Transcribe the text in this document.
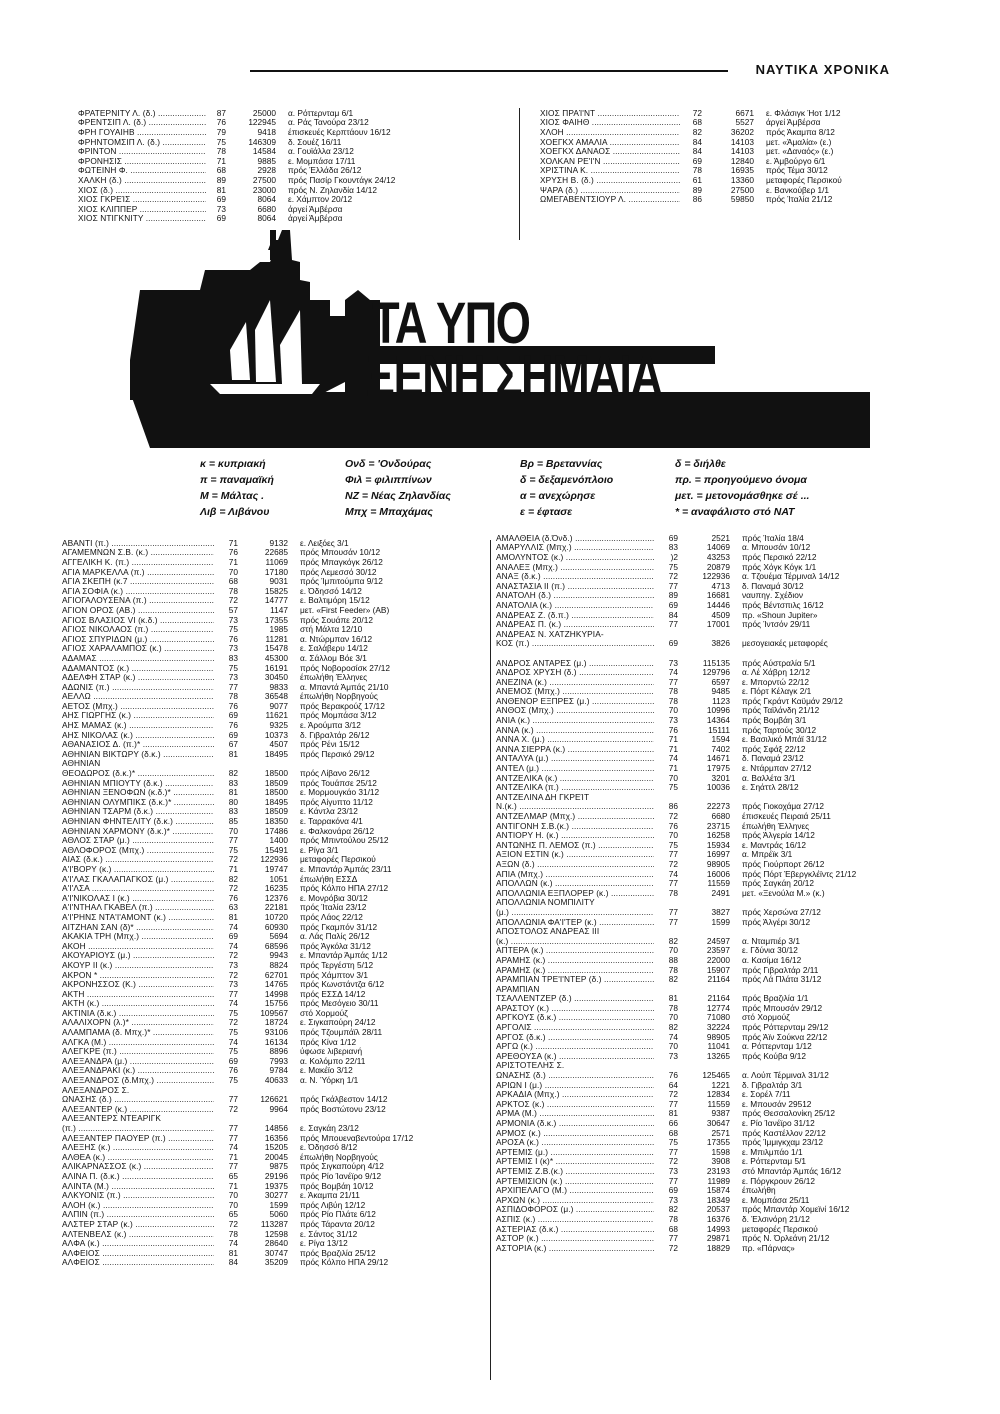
ΝΑΥΤΙΚΑ ΧΡΟΝΙΚΑ
ΦΡΑΤΕΡΝΙΤΥ Λ. (δ.) .....	87	25000	α. Ρόττερνταμ 6/1
ΦΡΕΝΤΣΙΠ Λ. (δ.) .....	76	122945	α. Ράς Τανούρα 23/12
ΦΡΗ ΓΟΥΑΙΗΒ .....	79	9418	έπισκευές Κερπτάουν 16/12
ΦΡΗΝΤΟΜΣΙΠ Λ. (δ.) .....	75	146309	δ. Σουέζ 16/11
ΦΡΙΝΤΟΝ .....	78	14584	α. Γουϊάλλα 23/12
ΦΡΟΝΗΣΙΣ .....	71	9885	ε. Μομπάσα 17/11
ΦΩΤΕΙΝΗ Φ. .....	68	2928	πρός Έλλάδα 26/12
ΧΑΛΚΗ (δ.) .....	89	27500	πρός Πασίρ Γκουντάγκ 24/12
ΧΙΟΣ (δ.) .....	81	23000	πρός Ν. Ζηλανδία 14/12
ΧΙΟΣ ΓΚΡΕΊΣ .....	69	8064	ε. Χάμπτον 20/12
ΧΙΟΣ ΚΛΙΠΠΕΡ .....	73	6680	άργεί Άμβέρσα
ΧΙΟΣ ΝΤΙΓΚΝΙΤΥ .....	69	8064	άργεί Άμβέρσα
ΧΙΟΣ ΠΡΑΊ'ΝΤ .....	72	6671	ε. Φλάσιγκ Ήοτ 1/12
ΧΙΟΣ ΦΑΙΗΘ .....	68	5527	άργεί Άμβέρσα
ΧΛΟΗ .....	82	36202	πρός Άκαμπα 8/12
ΧΟΕΓΚΧ ΑΜΑΛΙΑ .....	84	14103	μετ. «Άμαλία» (ε.)
ΧΟΕΓΚΧ ΔΑΝΑΟΣ .....	84	14103	μετ. «Δαναός» (ε.)
ΧΟΛΚΑΝ ΡΕ'Ι'Ν .....	69	12840	ε. Άμβούργο 6/1
ΧΡΙΣΤΙΝΑ Κ. .....	78	16935	πρός Τέμα 30/12
ΧΡΥΣΗ Β. (δ.) .....	61	13360	μεταφορές Περσικού
ΨΑΡΑ (δ.) .....	89	27500	ε. Βανκούβερ 1/1
ΩΜΕΓΑΒΕΝΤΣΙΟΥΡ Λ. .....	86	59850	πρός Ίταλία 21/12
ΤΑ ΥΠΟ
ΞΕΝΗ ΣΗΜΑΙΑ
κ = κυπριακή
π = παναμαϊκή
Μ = Μάλτας .
Λιβ = Λιβάνου
Ονδ = 'Ονδούρας
Φιλ = φιλιππίνων
ΝΖ = Νέας Ζηλανδίας
Μπχ = Μπαχάμας
Βρ = Βρεταννίας
δ = δεξαμενόπλοιο
α = ανεχώρησε
ε = έφτασε
δ = διήλθε
πρ. = προηγούμενο όνομα
μετ. = μετονομάσθηκε σέ ...
* = αναφάλιστο στό ΝΑΤ
ΑΒΑΝΤΙ (π.) .....	71	9132	ε. Λειξόες 3/1
ΑΓΑΜΕΜΝΩΝ Σ.Β. (κ.) .....	76	22685	πρός Μπουσάν 10/12
ΑΓΓΕΛΙΚΗ Κ. (π.) .....	71	11069	πρός Μπαγκόγκ 26/12
ΑΓΙΑ ΜΑΡΚΕΛΛΑ (π.) .....	70	17180	πρός Λεμεσσό 30/12
ΑΓΙΑ ΣΚΕΠΗ (κ.7 .....	68	9031	πρός Ίμπιτούμπα 9/12
ΑΓΙΑ ΣΟΦΙΑ (κ.) .....	78	15825	ε. Όδησσό 14/12
ΑΓΙΟΓΑΛΟΥΣΕΝΑ (π.) .....	72	14777	ε. Βαλτιμόρη 15/12
ΑΓΙΟΝ ΟΡΟΣ (ΑΒ.) .....	57	1147	μετ. «First Feeder» (ΑΒ)
ΑΓΙΟΣ ΒΛΑΣΙΟΣ VI (κ.δ.) .....	73	17355	πρός Σουάπε 20/12
ΑΓΙΟΣ ΝΙΚΟΛΑΟΣ (π.) .....	75	1985	στή Μάλτα 12/10
ΑΓΙΟΣ ΣΠΥΡΙΔΩΝ (μ.) .....	76	11281	α. Ντώρμπαν 16/12
ΑΓΙΟΣ ΧΑΡΑΛΑΜΠΟΣ (κ.) .....	73	15478	ε. Σαλάβερυ 14/12
ΑΔΑΜΑΣ .....	83	45300	α. Σάλλομ Βόε 3/1
ΑΔΑΜΑΝΤΟΣ (κ.) .....	75	16191	πρός Νοβοροσίσκ 27/12
ΑΔΕΛΦΗ ΣΤΑΡ (κ.) .....	73	30450	έπωλήθη Έλληνες
ΑΔΩΝΙΣ (π.) .....	77	9833	α. Μπαντά Άμπάς 21/10
ΑΕΛΛΩ .....	78	36548	έπωλήθη Νορβηγούς
ΑΕΤΟΣ (Μπχ.) .....	76	9077	πρός Βερακρούζ 17/12
ΑΗΣ ΓΙΩΡΓΗΣ (κ.) .....	69	11621	πρός Μομπάσα 3/12
ΑΗΣ ΜΑΜΑΣ (κ.) .....	76	9325	ε. Άρούμπα 3/12
ΑΗΣ ΝΙΚΟΛΑΣ (κ.) .....	69	10373	δ. Γιβραλτάρ 26/12
ΑΘΑΝΑΣΙΟΣ Δ. (π.)* .....	67	4507	πρός Ρένι 15/12
ΑΘΗΝΙΑΝ ΒΙΚΤΩΡΥ (δ.κ.) .....	81	18495	πρός Περσικό 29/12
ΑΘΗΝΙΑΝ
ΘΕΟΔΩΡΟΣ (δ.κ.)* .....	82	18500	πρός Λίβανο 26/12
ΑΘΗΝΙΑΝ ΜΠΙΟΥΤΥ (δ.κ.) .....	83	18509	πρός Τουάπσε 25/12
ΑΘΗΝΙΑΝ ΞΕΝΟΦΩΝ (κ.δ.)* .....	81	18500	ε. Μορμουγκάο 31/12
ΑΘΗΝΙΑΝ ΟΛΥΜΠΙΚΣ (δ.κ.)* .....	80	18495	πρός Αίγυπτο 11/12
ΑΘΗΝΙΑΝ ΤΣΑΡΜ (δ.κ.) .....	83	18509	ε. Κάντλα 23/12
ΑΘΗΝΙΑΝ ΦΗΝΤΕΛΙΤΥ (δ.κ.) .....	85	18350	ε. Ταρρακόνα 4/1
ΑΘΗΝΙΑΝ ΧΑΡΜΟΝΥ (δ.κ.)* .....	70	17486	ε. Φαλκονάρα 26/12
ΑΘΛΟΣ ΣΤΑΡ (μ.) .....	77	1400	πρός Μπιντούλου 25/12
ΑΘΛΟΦΟΡΟΣ (Μπχ.) .....	75	15491	ε. Ρίγα 3/1
ΑΙΑΣ (δ.κ.) .....	72	122936	μεταφορές Περσικού
Α'Ι'ΒΟΡΥ (κ.) .....	71	19747	ε. Μπαντάρ Άμπάς 23/11
Α'Ι'ΛΑΣ ΓΚΑΛΑΠΑΓΚΟΣ (μ.) .....	82	1051	έπωλήθη ΕΣΣΔ
Α'Ι'ΛΣΑ .....	72	16235	πρός Κόλπο ΗΠΑ 27/12
Α'Ι'ΝΙΚΟΛΑΣ Ι (κ.) .....	76	12376	ε. Μονρόβια 30/12
Α'Ι'ΝΤΗΑΛ ΓΚΑΒΕΛ (π.) .....	63	22181	πρός Ίταλία 23/12
Α'Ι'ΡΗΝΣ ΝΤΑ'Ι'ΑΜΟΝΤ (κ.) .....	81	10720	πρός Λάος 22/12
ΑΙΤΖΗΑΝ ΣΑΝ (δ)* .....	74	60930	πρός Γκαμπόν 31/12
ΑΚΑΚΙΑ ΤΡΗ (Μπχ.) .....	69	5694	α. Λάς Παλίς 26/12
ΑΚΟΗ .....	74	68596	πρός Άγκόλα 31/12
ΑΚΟΥΑΡΙΟΥΣ (μ.) .....	72	9943	ε. Μπαντάρ Άμπάς 1/12
ΑΚΟΥΡ ΙΙ (κ.) .....	73	8824	πρός Τεργέστη 5/12
ΑΚΡΟΝ * .....	72	62701	πρός Χάμπτον 3/1
ΑΚΡΟΝΗΣΣΟΣ (Κ.) .....	73	14765	πρός Κωνστάντζα 6/12
ΑΚΤΗ .....	77	14998	πρός ΕΣΣΔ 14/12
ΑΚΤΗ (κ.) .....	74	15756	πρός Μεσόγειο 30/11
ΑΚΤΙΝΙΑ (δ.κ.) .....	75	109567	στό Χορμούζ
ΑΛΑΛΙΧΟΡΝ (λ.)* .....	72	18724	ε. Σιγκαπούρη 24/12
ΑΛΑΜΠΑΜΑ (δ. Μπχ.)* .....	75	93106	πρός Τζουμπάϊλ 28/11
ΑΛΓΚΑ (Μ.) .....	74	16134	πρός Κίνα 1/12
ΑΛΕΓΚΡΕ (π.) .....	75	8896	ύφωσε λιβεριανή
ΑΛΕΞΑΝΔΡΑ (μ.) .....	69	7993	α. Κολόμπο 22/11
ΑΛΕΞΑΝΔΡΑΚΙ (κ.) .....	76	9784	ε. Μακέϊο 3/12
ΑΛΕΞΑΝΔΡΟΣ (δ.Μπχ.) .....	75	40633	α. Ν. Ύόρκη 1/1
ΑΛΕΞΑΝΔΡΟΣ Σ.
ΩΝΑΣΗΣ (δ.) .....	77	126621	πρός Γκάλβεστον 14/12
ΑΛΕΞΑΝΤΕΡ (κ.) .....	72	9964	πρός Βοστώτονυ 23/12
ΑΛΕΞΑΝΤΕΡΣ ΝΤΕΑΡΙΓΚ
(π.) .....	77	14856	ε. Σαγκάη 23/12
ΑΛΕΞΑΝΤΕΡ ΠΑΟΥΕΡ (π.) .....	77	16356	πρός Μπουεναβεντούρα 17/12
ΑΛΕΞΗΣ (κ.) .....	74	15205	ε. Όδησσό 8/12
ΑΛΘΕΑ (κ.) .....	71	20045	έπωλήθη Νορβηγούς
ΑΛΙΚΑΡΝΑΣΣΟΣ (κ.) .....	77	9875	πρός Σιγκαπούρη 4/12
ΑΛΙΝΑ Π. (δ.κ.) .....	65	29196	πρός Ρίο Ίανέϊρο 9/12
ΑΛΙΝΤΑ (Μ.) .....	71	19375	πρός Βομβάη 10/12
ΑΛΚΥΟΝΙΣ (π.) .....	70	30277	ε. Άκαμπα 21/11
ΑΛΟΗ (κ.) .....	70	1599	πρός Λιβύη 12/12
ΑΛΠΙΝ (π.) .....	65	5060	πρός Ρίο Πλάτε 6/12
ΑΛΣΤΕΡ ΣΤΑΡ (κ.) .....	72	113287	πρός Τάραντα 20/12
ΑΛΤΕΝΒΕΛΣ (κ.) .....	78	12598	ε. Σάντος 31/12
ΑΛΦΑ (κ.) .....	74	28640	ε. Ρίγα 13/12
ΑΛΦΕΙΟΣ .....	81	30747	πρός Βραζιλία 25/12
ΑΛΦΕΙΟΣ .....	84	35209	πρός Κόλπο ΗΠΑ 29/12
ΑΜΑΛΘΕΙΑ (δ.Όνδ.) .....	69	2521	πρός Ίταλία 18/4
ΑΜΑΡΥΛΛΙΣ (Μπχ.) .....	83	14069	α. Μπουσάν 10/12
ΑΜΟΛΥΝΤΟΣ (κ.) .....	)2	43253	πρός Περσικό 22/12
ΑΝΑΛΕΞ (Μπχ.) .....	75	20879	πρός Χόγκ Κόγκ 1/1
ΑΝΑΞ (δ.κ.) .....	72	122936	α. Τζουέμα Τέρμιναλ 14/12
ΑΝΑΣΤΑΣΙΑ ΙΙ (π.) .....	77	4713	δ. Παναμά 30/12
ΑΝΑΤΟΛΗ (δ.) .....	89	16681	ναυπηγ. Σχέδιον
ΑΝΑΤΟΛΙΑ (κ.) .....	69	14446	πρός Βέντσπιλς 16/12
ΑΝΔΡΕΑΣ Ζ. (δ.π.) .....	84	4509	πρ. «Shoun Jupiter»
ΑΝΔΡΕΑΣ Π. (κ.) .....	77	17001	πρός Ίντσόν 29/11
ΑΝΔΡΕΑΣ Ν. ΧΑΤΖΗΚΥΡΙΑ-
ΚΟΣ (π.) .....	69	3826	μεσογειακές μεταφορές
ΑΝΔΡΟΣ ΑΝΤΑΡΕΣ (μ.) .....	73	115135	πρός Αύστραλία 5/1
ΑΝΔΡΟΣ ΧΡΥΣΗ (δ.) .....	74	129796	α. Λέ Χάβρη 12/12
ΑΝΕΖΙΝΑ (κ.) .....	77	6597	ε. Μπορντώ 22/12
ΑΝΕΜΟΣ (Μπχ.) .....	78	9485	ε. Πόρτ Κέλαγκ 2/1
ΑΝΘΕΝΟΡ ΕΞΠΡΕΣ (μ.) .....	78	1123	πρός Γκράντ Καϋμάν 29/12
ΑΝΘΟΣ (Μπχ.) .....	70	10996	πρός Ταϊλάνδη 21/12
ΑΝΙΑ (κ.) .....	73	14364	πρός Βομβάη 3/1
ΑΝΝΑ (κ.) .....	76	15111	πρός Ταρτούς 30/12
ΑΝΝΑ Χ. (μ.) .....	71	1594	ε. Βασιλικό Μπάϊ 31/12
ΑΝΝΑ ΣΙΕΡΡΑ (κ.) .....	71	7402	πρός Σφάξ 22/12
ΑΝΤΑΛΥΑ (μ.) .....	74	14671	δ. Παναμά 23/12
ΑΝΤΕΛ (μ.) .....	71	17975	ε. Ντάρμπαν 27/12
ΑΝΤΖΕΛΙΚΑ (κ.) .....	70	3201	α. Βαλλέτα 3/1
ΑΝΤΖΕΛΙΚΑ (π.) .....	75	10036	ε. Σηάττλ 28/12
ΑΝΤΖΕΛΙΝΑ ΔΗ ΓΚΡΕΊΤ
Ν.(κ.) .....	86	22273	πρός Γιοκοχάμα 27/12
ΑΝΤΖΕΛΜΑΡ (Μπχ.) .....	72	6680	έπισκευές Πειραιά 25/11
ΑΝΤΙΓΟΝΗ Σ.Β.(κ.) .....	76	23715	έπωλήθη Έλληνες
ΑΝΤΙΟΡΥ Η. (κ.) .....	70	16258	πρός Άλγερία 14/12
ΑΝΤΩΝΗΣ Π. ΛΕΜΟΣ (π.) .....	75	15934	ε. Μαντράς 16/12
ΑΞΙΟΝ ΕΣΤΙΝ (κ.) .....	77	16997	α. Μπρέϊκ 3/1
ΑΞΩΝ (δ.) .....	72	98905	πρός Γιούρπορτ 26/12
ΑΠΙΑ (Μπχ.) .....	74	16006	πρός Πόρτ Έβεργκλέϊντς 21/12
ΑΠΟΛΛΩΝ (κ.) .....	77	11559	πρός Σαγκάη 20/12
ΑΠΟΛΛΩΝΙΑ ΕΞΠΛΟΡΕΡ (κ.) .....	78	2491	μετ. «Ξενούλα Μ.» (κ.)
ΑΠΟΛΛΩΝΙΑ ΝΟΜΠΙΛΙΤΥ
(μ.) .....	77	3827	πρός Χερσώνα 27/12
ΑΠΟΛΛΩΝΙΑ ΦΑ'Ι'ΤΕΡ (κ.) .....	77	1599	πρός Άλγέρι 30/12
ΑΠΟΣΤΟΛΟΣ ΑΝΔΡΕΑΣ ΙΙΙ
(κ.) .....	82	24597	α. Νταμπιέρ 3/1
ΑΠΤΕΡΑ (κ.) .....	70	23597	ε. Γδύνια 30/12
ΑΡΑΜΗΣ (κ.) .....	88	22000	α. Κασίμα 16/12
ΑΡΑΜΗΣ (κ.) .....	78	15907	πρός Γιβραλτάρ 2/11
ΑΡΑΜΠΙΑΝ ΤΡΕ'Ι'ΝΤΕΡ (δ.) .....	82	21164	πρός Λά Πλάτα 31/12
ΑΡΑΜΠΙΑΝ
ΤΣΑΛΛΕΝΤΖΕΡ (δ.) .....	81	21164	πρός Βραζιλία 1/1
ΑΡΑΣΤΟΥ (κ.) .....	78	12774	πρός Μπουσάν 29/12
ΑΡΓΚΟΥΣ (δ.κ.) .....	70	71080	στό Χορμούζ
ΑΡΓΟΛΙΣ .....	82	32224	πρός Ρόττερνταμ 29/12
ΑΡΓΟΣ (δ.κ.) .....	74	98905	πρός Άϊν Σούκνα 22/12
ΑΡΓΩ (κ.) .....	70	11041	α. Ρόττερνταμ 1/12
ΑΡΕΘΟΥΣΑ (κ.) .....	73	13265	πρός Κούβα 9/12
ΑΡΙΣΤΟΤΕΛΗΣ Σ.
ΩΝΑΣΗΣ (δ.) .....	76	125465	α. Λούπ Τέρμιναλ 31/12
ΑΡΙΩΝ Ι (μ.) .....	64	1221	δ. Γιβραλτάρ 3/1
ΑΡΚΑΔΙΑ (Μπχ.) .....	72	12834	ε. Σορέλ 7/11
ΑΡΚΤΟΣ (κ.) .....	77	11559	ε. Μπουσάν 29512
ΑΡΜΑ (Μ.) .....	81	9387	πρός Θεσσαλονίκη 25/12
ΑΡΜΟΝΙΑ (δ.κ.) .....	66	30647	ε. Ρίο Ίανέϊρο 31/12
ΑΡΜΟΣ (κ.) .....	68	2571	πρός Καστέλλον 22/12
ΑΡΟΣΑ (κ.) .....	75	17355	πρός Ίμμιγκχαμ 23/12
ΑΡΤΕΜΙΣ (μ.) .....	77	1598	ε. Μπιλμπάο 1/1
ΑΡΤΕΜΙΣ Ι (κ)* .....	72	3908	ε. Ρόττερνταμ 5/1
ΑΡΤΕΜΙΣ Ζ.Β.(κ.) .....	73	23193	στό Μπαντάρ Άμπάς 16/12
ΑΡΤΕΜΙΣΙΟΝ (κ.) .....	77	11989	ε. Πόργκρουν 26/12
ΑΡΧΙΠΕΛΑΓΟ (Μ.) .....	69	15874	έπωλήθη
ΑΡΧΩΝ (κ.) .....	73	18349	ε. Μομπάσα 25/11
ΑΣΠΙΔΟΦΟΡΟΣ (μ.) .....	82	20537	πρός Μπαντάρ Χομεϊνί 16/12
ΑΣΠΙΣ (κ.) .....	78	16376	δ. Έλσινόρη 21/12
ΑΣΤΕΡΙΑΣ (δ.κ.) .....	68	14993	μεταφορές Περσικού
ΑΣΤΟΡ (κ.) .....	77	29871	πρός Ν. Όρλεάνη 21/12
ΑΣΤΟΡΙΑ (κ.) .....	72	18829	πρ. «Πάρνας»
